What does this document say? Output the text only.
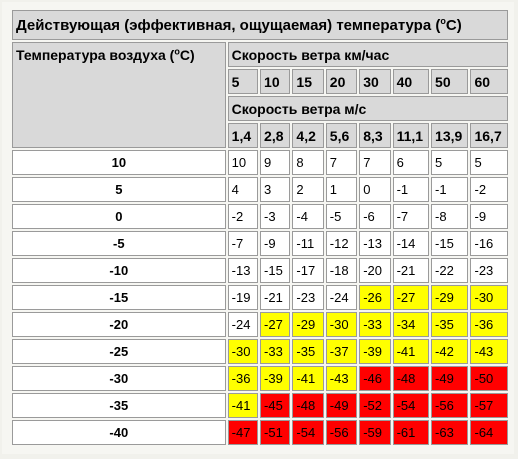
Действующая (эффективная, ощущаемая) температура ($^o$C)								
Температура воздуха ($^o$C)	Скорость ветра км/час							
	5	10	15	20	30	40	50	60
	Скорость ветра м/с							
	1,4	2,8	4,2	5,6	8,3	11,1	13,9	16,7
10	10	9	8	7	7	6	5	5
5	4	3	2	1	0	-1	-1	-2
0	-2	-3	-4	-5	-6	-7	-8	-9
-5	-7	-9	-11	-12	-13	-14	-15	-16
-10	-13	-15	-17	-18	-20	-21	-22	-23
-15	-19	-21	-23	-24	-26	-27	-29	-30
-20	-24	-27	-29	-30	-33	-34	-35	-36
-25	-30	-33	-35	-37	-39	-41	-42	-43
-30	-36	-39	-41	-43	-46	-48	-49	-50
-35	-41	-45	-48	-49	-52	-54	-56	-57
-40	-47	-51	-54	-56	-59	-61	-63	-64
